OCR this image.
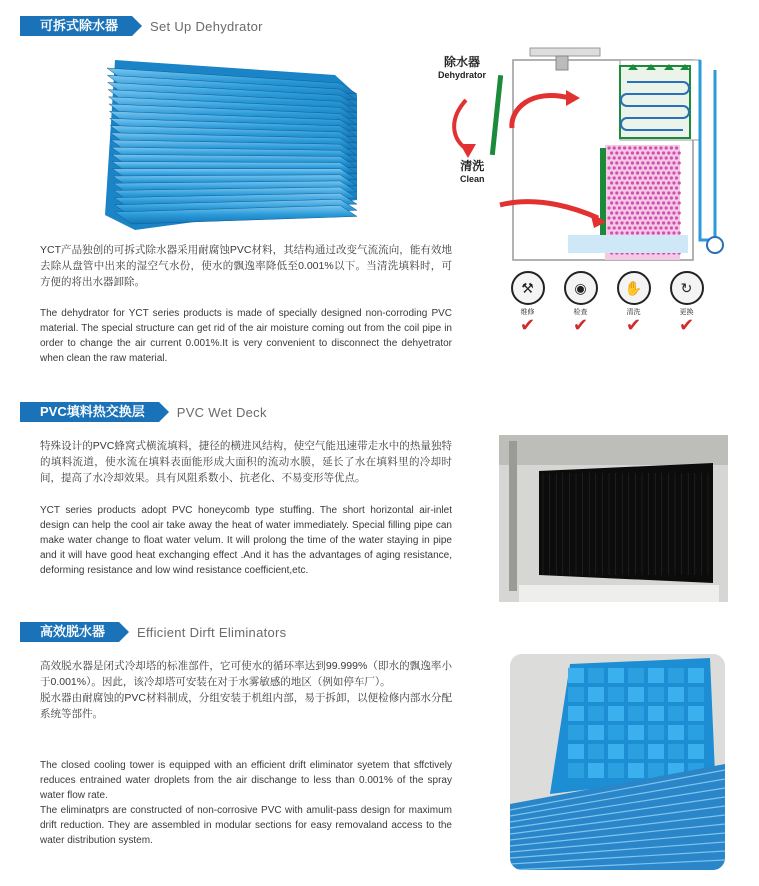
可拆式除水器	Set Up Dehydrator
除水器
Dehydrator
清洗
Clean
⚒
维修
✔
◉
检查
✔
✋
清洗
✔
↻
更换
✔
YCT产品独创的可拆式除水器采用耐腐蚀PVC材料，其结构通过改变气流流向，能有效地去除从盘管中出来的湿空气水份，使水的飘逸率降低至0.001%以下。当清洗填料时，可方便的将出水器卸除。
The dehydrator for YCT series products is made of specially designed non-corroding PVC material. The special structure can get rid of the air moisture coming out from the coil pipe in order to change the air current 0.001%.It is very convenient to disconnect the dehyetrator when clean the raw material.
PVC填料热交换层	PVC Wet Deck
特殊设计的PVC蜂窝式横流填料，捷径的横进风结构，使空气能迅速带走水中的热量独特的填料流道，使水流在填料表面能形成大面积的流动水膜，延长了水在填料里的冷却时间，提高了水冷却效果。具有风阻系数小、抗老化、不易变形等优点。
YCT series products adopt PVC honeycomb type stuffing. The short horizontal air-inlet design can help the cool air take away the heat of water immediately. Special filling pipe can make water change to float water velum. It will prolong the time of the water staying in pipe and it will have good heat exchanging effect .And it has the advantages of aging resistance, deforming resistance and low wind resistance coefficient,etc.
高效脱水器	Efficient Dirft Eliminators
高效脱水器是闭式冷却塔的标准部件，它可使水的循环率达到99.999%（即水的飘逸率小于0.001%）。因此，该冷却塔可安装在对于水雾敏感的地区（例如停车厂）。
脱水器由耐腐蚀的PVC材料制成，分组安装于机组内部，易于拆卸，以便检修内部水分配系统等部件。
The closed cooling tower is equipped with an efficient drift eliminator syetem that sffctively reduces entrained water droplets from the air dischange to less than 0.001% of the spray water flow rate.
The eliminatprs are constructed of non-corrosive PVC with amulit-pass design for maximum drift reduction. They are assembled in modular sections for easy removaland access to the water distribution system.
